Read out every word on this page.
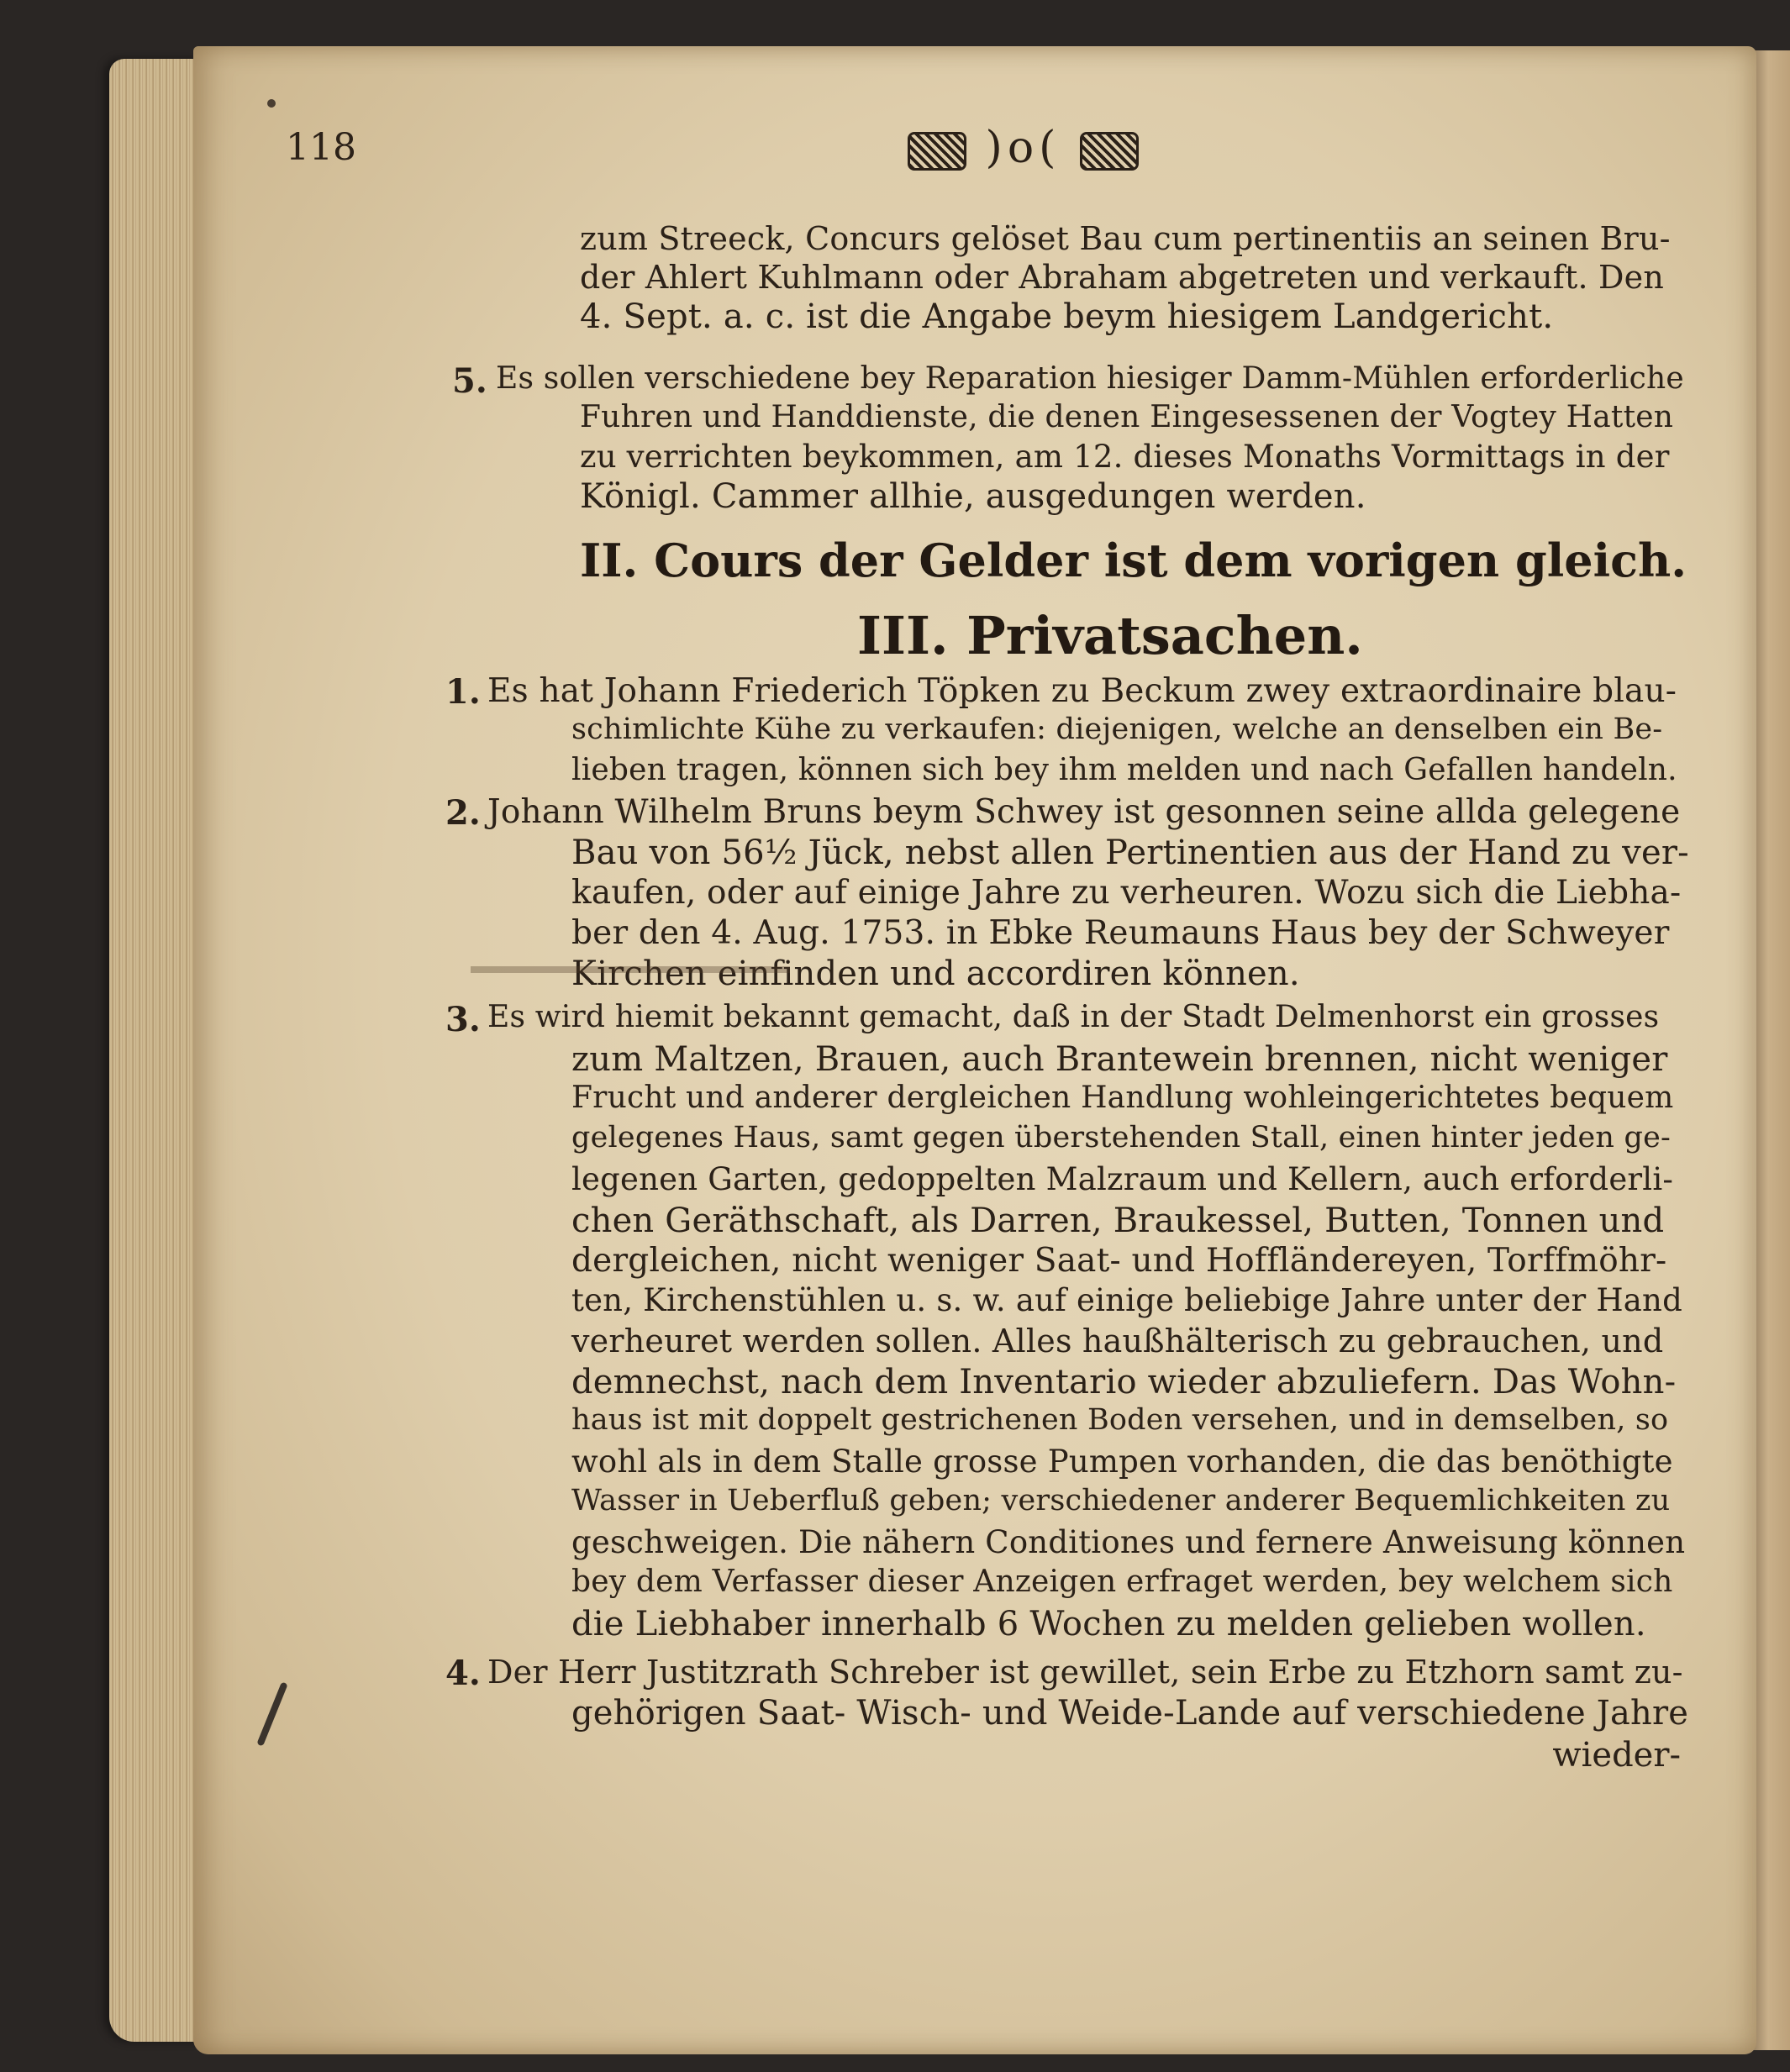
118	)o(
zum Streeck, Concurs gelöset Bau cum pertinentiis an seinen Bru-
der Ahlert Kuhlmann oder Abraham abgetreten und verkauft. Den
4. Sept. a. c. ist die Angabe beym hiesigem Landgericht.
5. Es sollen verschiedene bey Reparation hiesiger Damm-Mühlen erforderliche
Fuhren und Handdienste, die denen Eingesessenen der Vogtey Hatten
zu verrichten beykommen, am 12. dieses Monaths Vormittags in der
Königl. Cammer allhie, ausgedungen werden.
II. Cours der Gelder ist dem vorigen gleich.
III. Privatsachen.
1. Es hat Johann Friederich Töpken zu Beckum zwey extraordinaire blau-
schimlichte Kühe zu verkaufen: diejenigen, welche an denselben ein Be-
lieben tragen, können sich bey ihm melden und nach Gefallen handeln.
2. Johann Wilhelm Bruns beym Schwey ist gesonnen seine allda gelegene
Bau von 56½ Jück, nebst allen Pertinentien aus der Hand zu ver-
kaufen, oder auf einige Jahre zu verheuren. Wozu sich die Liebha-
ber den 4. Aug. 1753. in Ebke Reumauns Haus bey der Schweyer
Kirchen einfinden und accordiren können.
3. Es wird hiemit bekannt gemacht, daß in der Stadt Delmenhorst ein grosses
zum Maltzen, Brauen, auch Brantewein brennen, nicht weniger
Frucht und anderer dergleichen Handlung wohleingerichtetes bequem
gelegenes Haus, samt gegen überstehenden Stall, einen hinter jeden ge-
legenen Garten, gedoppelten Malzraum und Kellern, auch erforderli-
chen Geräthschaft, als Darren, Braukessel, Butten, Tonnen und
dergleichen, nicht weniger Saat- und Hoffländereyen, Torffmöhr-
ten, Kirchenstühlen u. s. w. auf einige beliebige Jahre unter der Hand
verheuret werden sollen. Alles haußhälterisch zu gebrauchen, und
demnechst, nach dem Inventario wieder abzuliefern. Das Wohn-
haus ist mit doppelt gestrichenen Boden versehen, und in demselben, so
wohl als in dem Stalle grosse Pumpen vorhanden, die das benöthigte
Wasser in Ueberfluß geben; verschiedener anderer Bequemlichkeiten zu
geschweigen. Die nähern Conditiones und fernere Anweisung können
bey dem Verfasser dieser Anzeigen erfraget werden, bey welchem sich
die Liebhaber innerhalb 6 Wochen zu melden gelieben wollen.
4. Der Herr Justitzrath Schreber ist gewillet, sein Erbe zu Etzhorn samt zu-
gehörigen Saat- Wisch- und Weide-Lande auf verschiedene Jahre
wieder-
